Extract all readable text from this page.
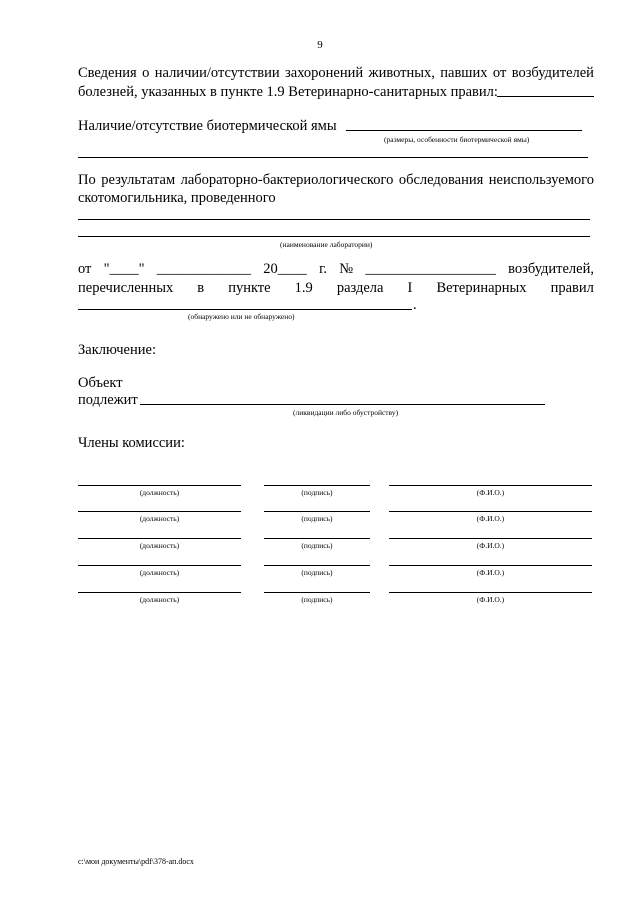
9
Сведения о наличии/отсутствии захоронений животных, павших от возбудителей
болезней, указанных в пункте 1.9 Ветеринарно-санитарных правил:
Наличие/отсутствие биотермической ямы
(размеры, особенности биотермической ямы)
По результатам лабораторно-бактериологического обследования неиспользуемого
скотомогильника, проведенного
(наименование лаборатории)
от "____" _____________ 20____ г. № __________________ возбудителей,
перечисленных в пункте 1.9 раздела I Ветеринарных правил
.
(обнаружено или не обнаружено)
Заключение:
Объект
подлежит
(ликвидации либо обустройству)
Члены комиссии:
(должность)	(подпись)	(Ф.И.О.)
(должность)	(подпись)	(Ф.И.О.)
(должность)	(подпись)	(Ф.И.О.)
(должность)	(подпись)	(Ф.И.О.)
(должность)	(подпись)	(Ф.И.О.)
c:\мои документы\pdf\378-ап.docx
